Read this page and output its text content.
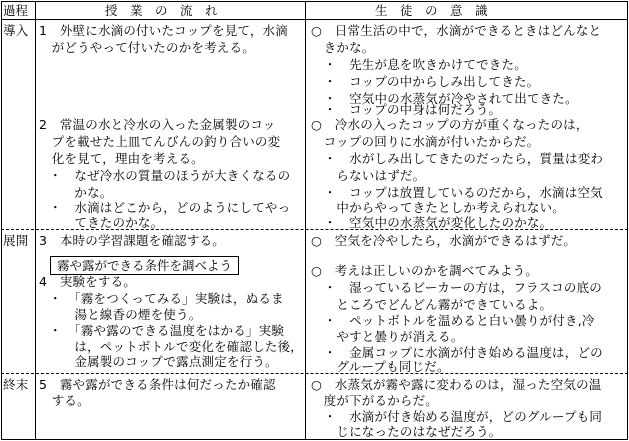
過程	授　業　の　流　れ	生　徒　の　意　識
導入
展開
終末
1　外壁に水滴の付いたコップを見て，水滴
　がどうやって付いたのかを考える。
2　常温の水と冷水の入った金属製のコッ
　プを載せた上皿てんびんの釣り合いの変
　化を見て，理由を考える。
・　なぜ冷水の質量のほうが大きくなるの
　　かな。
・　水滴はどこから，どのようにしてやっ
　　てきたのかな。
3　本時の学習課題を確認する。
霧や露ができる条件を調べよう
4　実験をする。
・　「霧をつくってみる」実験は，ぬるま
　　湯と線香の煙を使う。
・　「霧や露のできる温度をはかる」実験
　　は，ペットボトルで変化を確認した後，
　　金属製のコップで露点測定を行う。
5　霧や露ができる条件は何だったか確認
　する。
○　日常生活の中で，水滴ができるときはどんなと
　きかな。
　・　先生が息を吹きかけてできた。
　・　コップの中からしみ出してきた。
　・　空気中の水蒸気が冷やされて出てきた。
　・　コップの中身は何だろう。
○　冷水の入ったコップの方が重くなったのは，
　コップの回りに水滴が付いたからだ。
　・　水がしみ出してきたのだったら，質量は変わ
　　らないはずだ。
　・　コップは放置しているのだから，水滴は空気
　　中からやってきたとしか考えられない。
　・　空気中の水蒸気が変化したのかな。
○　空気を冷やしたら，水滴ができるはずだ。
○　考えは正しいのかを調べてみよう。
　・　湿っているビーカーの方は，フラスコの底の
　　ところでどんどん霧ができているよ。
　・　ペットボトルを温めると白い曇りが付き,冷
　　やすと曇りが消える。
　・　金属コップに水滴が付き始める温度は，どの
　　グループも同じだ。
○　水蒸気が霧や露に変わるのは，湿った空気の温
　度が下がるからだ。
　・　水滴が付き始める温度が，どのグループも同
　　じになったのはなぜだろう。
